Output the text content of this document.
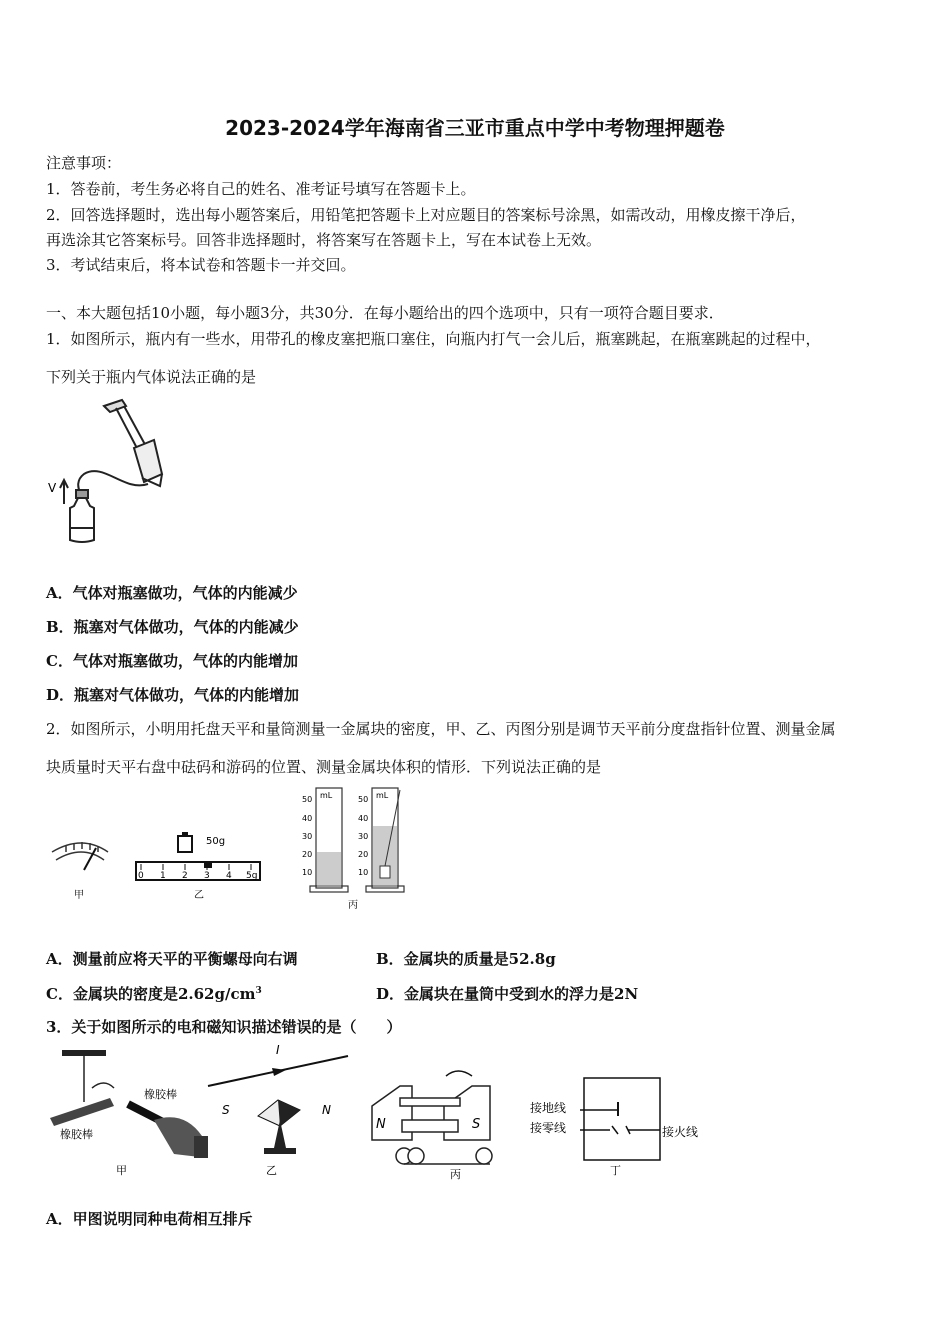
2023-2024学年海南省三亚市重点中学中考物理押题卷
注意事项：
1．答卷前，考生务必将自己的姓名、准考证号填写在答题卡上。
2．回答选择题时，选出每小题答案后，用铅笔把答题卡上对应题目的答案标号涂黑，如需改动，用橡皮擦干净后，
再选涂其它答案标号。回答非选择题时，将答案写在答题卡上，写在本试卷上无效。
3．考试结束后，将本试卷和答题卡一并交回。
一、本大题包括10小题，每小题3分，共30分．在每小题给出的四个选项中，只有一项符合题目要求．
1．如图所示，瓶内有一些水，用带孔的橡皮塞把瓶口塞住，向瓶内打气一会儿后，瓶塞跳起，在瓶塞跳起的过程中，
下列关于瓶内气体说法正确的是
V
A．气体对瓶塞做功，气体的内能减少
B．瓶塞对气体做功，气体的内能减少
C．气体对瓶塞做功，气体的内能增加
D．瓶塞对气体做功，气体的内能增加
2．如图所示，小明用托盘天平和量筒测量一金属块的密度，甲、乙、丙图分别是调节天平前分度盘指针位置、测量金属
块质量时天平右盘中砝码和游码的位置、测量金属块体积的情形．下列说法正确的是
甲
50g
0 1 2 3 4 5g
乙
mL
50
40
30
20
10
mL
50
40
30
20
10
丙
A．测量前应将天平的平衡螺母向右调	B．金属块的质量是52.8g
C．金属块的密度是$2.62g/cm^3$	D．金属块在量筒中受到水的浮力是2N
3．关于如图所示的电和磁知识描述错误的是（　　）
橡胶棒
橡胶棒
甲
I
S	N
乙
N	S
丙
接地线
接零线	接火线
丁
A．甲图说明同种电荷相互排斥
